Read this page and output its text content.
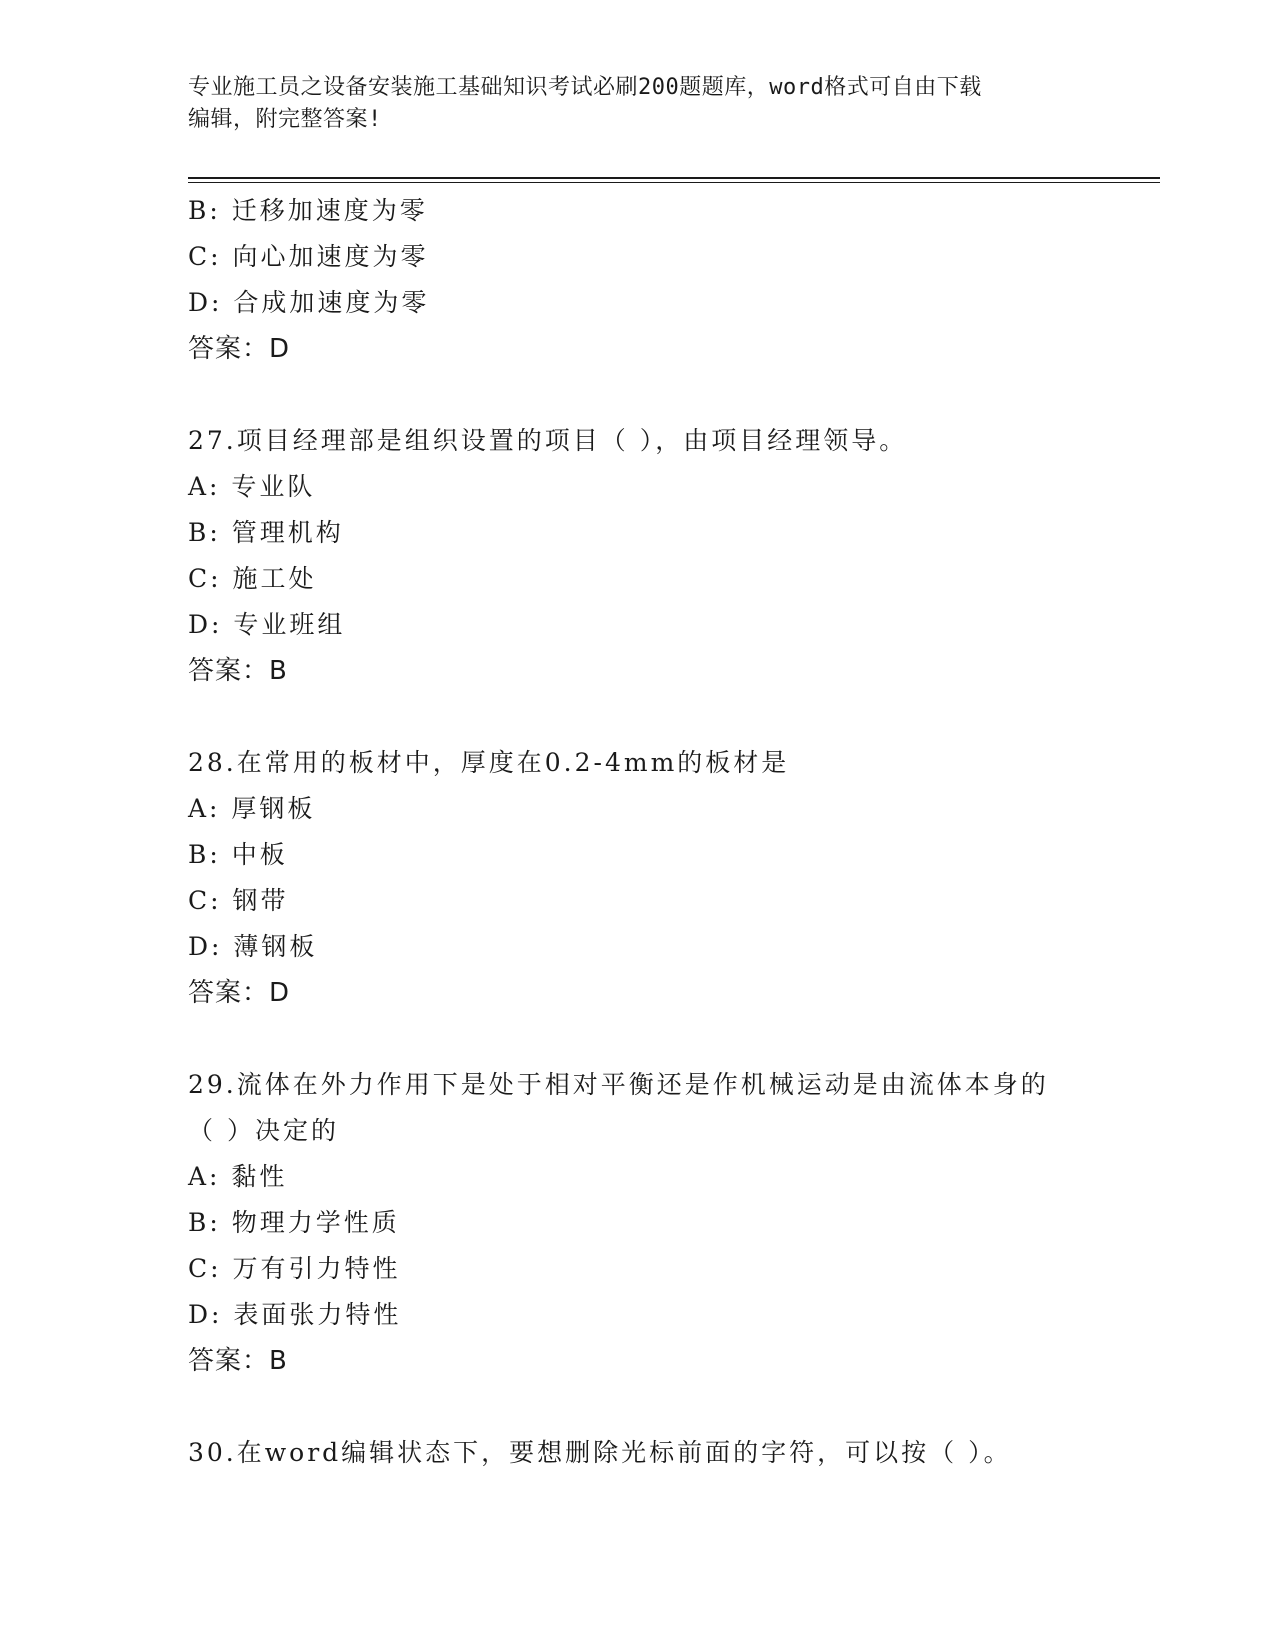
专业施工员之设备安装施工基础知识考试必刷200题题库，word格式可自由下载
编辑，附完整答案!
B: 迁移加速度为零
C: 向心加速度为零
D: 合成加速度为零
答案：D
27.项目经理部是组织设置的项目（ ），由项目经理领导。
A: 专业队
B: 管理机构
C: 施工处
D: 专业班组
答案：B
28.在常用的板材中，厚度在0.2-4mm的板材是
A: 厚钢板
B: 中板
C: 钢带
D: 薄钢板
答案：D
29.流体在外力作用下是处于相对平衡还是作机械运动是由流体本身的
（ ）决定的
A: 黏性
B: 物理力学性质
C: 万有引力特性
D: 表面张力特性
答案：B
30.在word编辑状态下，要想删除光标前面的字符，可以按（ ）。
